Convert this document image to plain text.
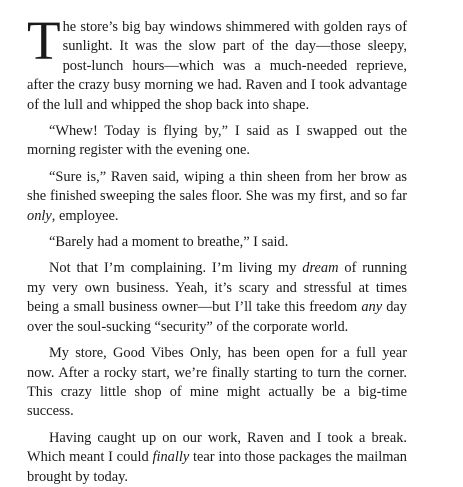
The store’s big bay windows shimmered with golden rays of sunlight. It was the slow part of the day—those sleepy, post-lunch hours—which was a much-needed reprieve, after the crazy busy morning we had. Raven and I took advantage of the lull and whipped the shop back into shape.

“Whew! Today is flying by,” I said as I swapped out the morning register with the evening one.

“Sure is,” Raven said, wiping a thin sheen from her brow as she finished sweeping the sales floor. She was my first, and so far only, employee.

“Barely had a moment to breathe,” I said.

Not that I’m complaining. I’m living my dream of running my very own business. Yeah, it’s scary and stressful at times being a small business owner—but I’ll take this freedom any day over the soul-sucking “security” of the corporate world.

My store, Good Vibes Only, has been open for a full year now. After a rocky start, we’re finally starting to turn the corner. This crazy little shop of mine might actually be a big-time success.

Having caught up on our work, Raven and I took a break. Which meant I could finally tear into those packages the mailman brought by today.
